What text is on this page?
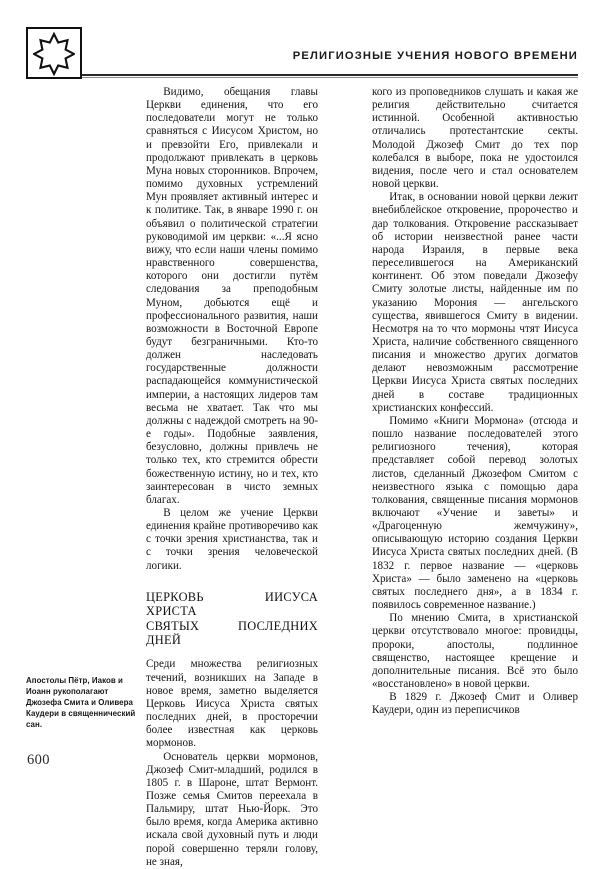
РЕЛИГИОЗНЫЕ УЧЕНИЯ НОВОГО ВРЕМЕНИ

Видимо, обещания главы Церкви единения, что его последователи могут не только сравняться с Иисусом Христом, но и превзойти Его, привлекали и продолжают привлекать в церковь Муна новых сторонников. Впрочем, помимо духовных устремлений Мун проявляет активный интерес и к политике. Так, в январе 1990 г. он объявил о политической стратегии руководимой им церкви: «...Я ясно вижу, что если наши члены помимо нравственного совершенства, которого они достигли путём следования за преподобным Муном, добьются ещё и профессионального развития, наши возможности в Восточной Европе будут безграничными. Кто-то должен наследовать государственные должности распадающейся коммунистической империи, а настоящих лидеров там весьма не хватает. Так что мы должны с надеждой смотреть на 90-е годы». Подобные заявления, безусловно, должны привлечь не только тех, кто стремится обрести божественную истину, но и тех, кто заинтересован в чисто земных благах.

В целом же учение Церкви единения крайне противоречиво как с точки зрения христианства, так и с точки зрения человеческой логики.

ЦЕРКОВЬ ИИСУСА ХРИСТА
СВЯТЫХ ПОСЛЕДНИХ ДНЕЙ

Среди множества религиозных течений, возникших на Западе в новое время, заметно выделяется Церковь Иисуса Христа святых последних дней, в просторечии более известная как церковь мормонов.

Основатель церкви мормонов, Джозеф Смит-младший, родился в 1805 г. в Шароне, штат Вермонт. Позже семья Смитов переехала в Пальмиру, штат Нью-Йорк. Это было время, когда Америка активно искала свой духовный путь и люди порой совершенно теряли голову, не зная,

кого из проповедников слушать и какая же религия действительно считается истинной. Особенной активностью отличались протестантские секты. Молодой Джозеф Смит до тех пор колебался в выборе, пока не удостоился видения, после чего и стал основателем новой церкви.

Итак, в основании новой церкви лежит внебиблейское откровение, пророчество и дар толкования. Откровение рассказывает об истории неизвестной ранее части народа Израиля, в первые века переселившегося на Американский континент. Об этом поведали Джозефу Смиту золотые листы, найденные им по указанию Морония — ангельского существа, явившегося Смиту в видении. Несмотря на то что мормоны чтят Иисуса Христа, наличие собственного священного писания и множество других догматов делают невозможным рассмотрение Церкви Иисуса Христа святых последних дней в составе традиционных христианских конфессий.

Помимо «Книги Мормона» (отсюда и пошло название последователей этого религиозного течения), которая представляет собой перевод золотых листов, сделанный Джозефом Смитом с неизвестного языка с помощью дара толкования, священные писания мормонов включают «Учение и заветы» и «Драгоценную жемчужину», описывающую историю создания Церкви Иисуса Христа святых последних дней. (В 1832 г. первое название — «церковь Христа» — было заменено на «церковь святых последнего дня», а в 1834 г. появилось современное название.)

По мнению Смита, в христианской церкви отсутствовало многое: провидцы, пророки, апостолы, подлинное священство, настоящее крещение и дополнительные писания. Всё это было «восстановлено» в новой церкви.

В 1829 г. Джозеф Смит и Оливер Каудери, один из переписчиков

Апостолы Пётр, Иаков и Иоанн рукополагают Джозефа Смита и Оливера Каудери в священнический сан.
600
